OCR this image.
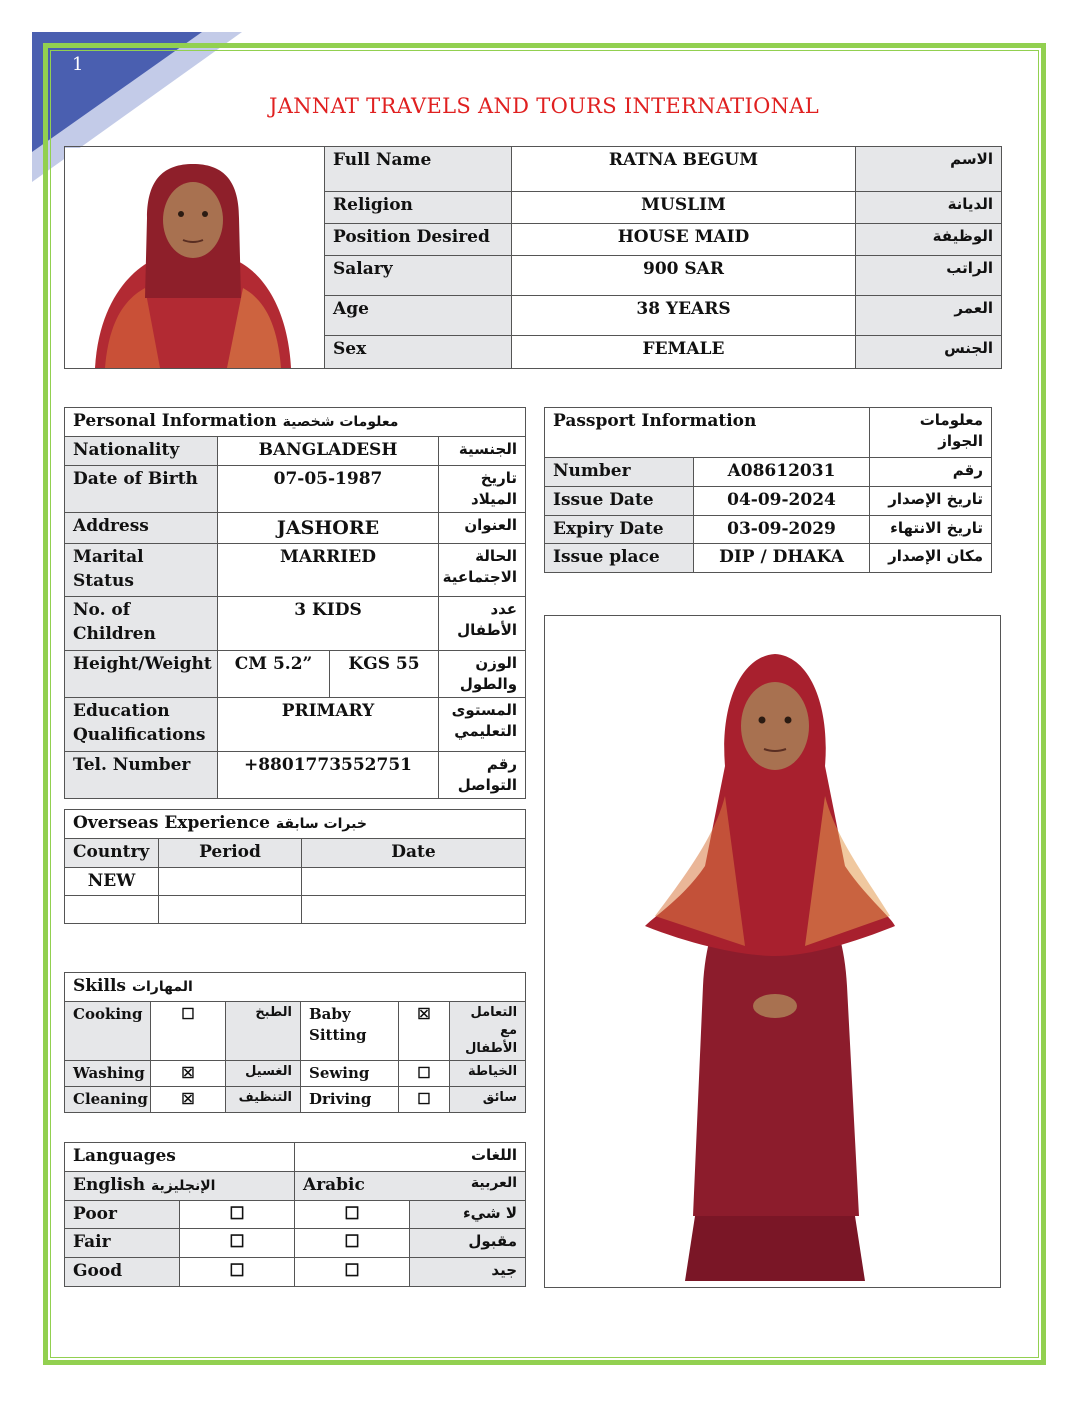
1
JANNAT TRAVELS AND TOURS INTERNATIONAL
	Full Name	RATNA BEGUM	الاسم
	Religion	MUSLIM	الديانة
	Position Desired	HOUSE MAID	الوظيفة
	Salary	900 SAR	الراتب
	Age	38 YEARS	العمر
	Sex	FEMALE	الجنس
Personal Information معلومات شخصية			
Nationality	BANGLADESH		الجنسية
Date of Birth	07-05-1987		تاريخ الميلاد
Address	JASHORE		العنوان
Marital Status	MARRIED		الحالة الاجتماعية
No. of Children	3 KIDS		عدد الأطفال
Height/Weight	CM 5.2”	KGS 55	الوزن والطول
Education Qualifications	PRIMARY		المستوى التعليمي
Tel. Number	+8801773552751		رقم التواصل
Passport Information		معلومات الجواز
Number	A08612031	رقم
Issue Date	04-09-2024	تاريخ الإصدار
Expiry Date	03-09-2029	تاريخ الانتهاء
Issue place	DIP / DHAKA	مكان الإصدار
Overseas Experience خبرات سابقة		
Country	Period	Date
NEW		

Skills المهارات					
Cooking	☐	الطبخ	Baby Sitting	☒	التعامل مع الأطفال
Washing	☒	الغسيل	Sewing	☐	الخياطة
Cleaning	☒	التنظيف	Driving	☐	سائق
Languages		اللغات	
English الإنجليزية		Arabic العربية	

Poor	☐	☐	لا شيء
Fair	☐	☐	مقبول
Good	☐	☐	جيد
